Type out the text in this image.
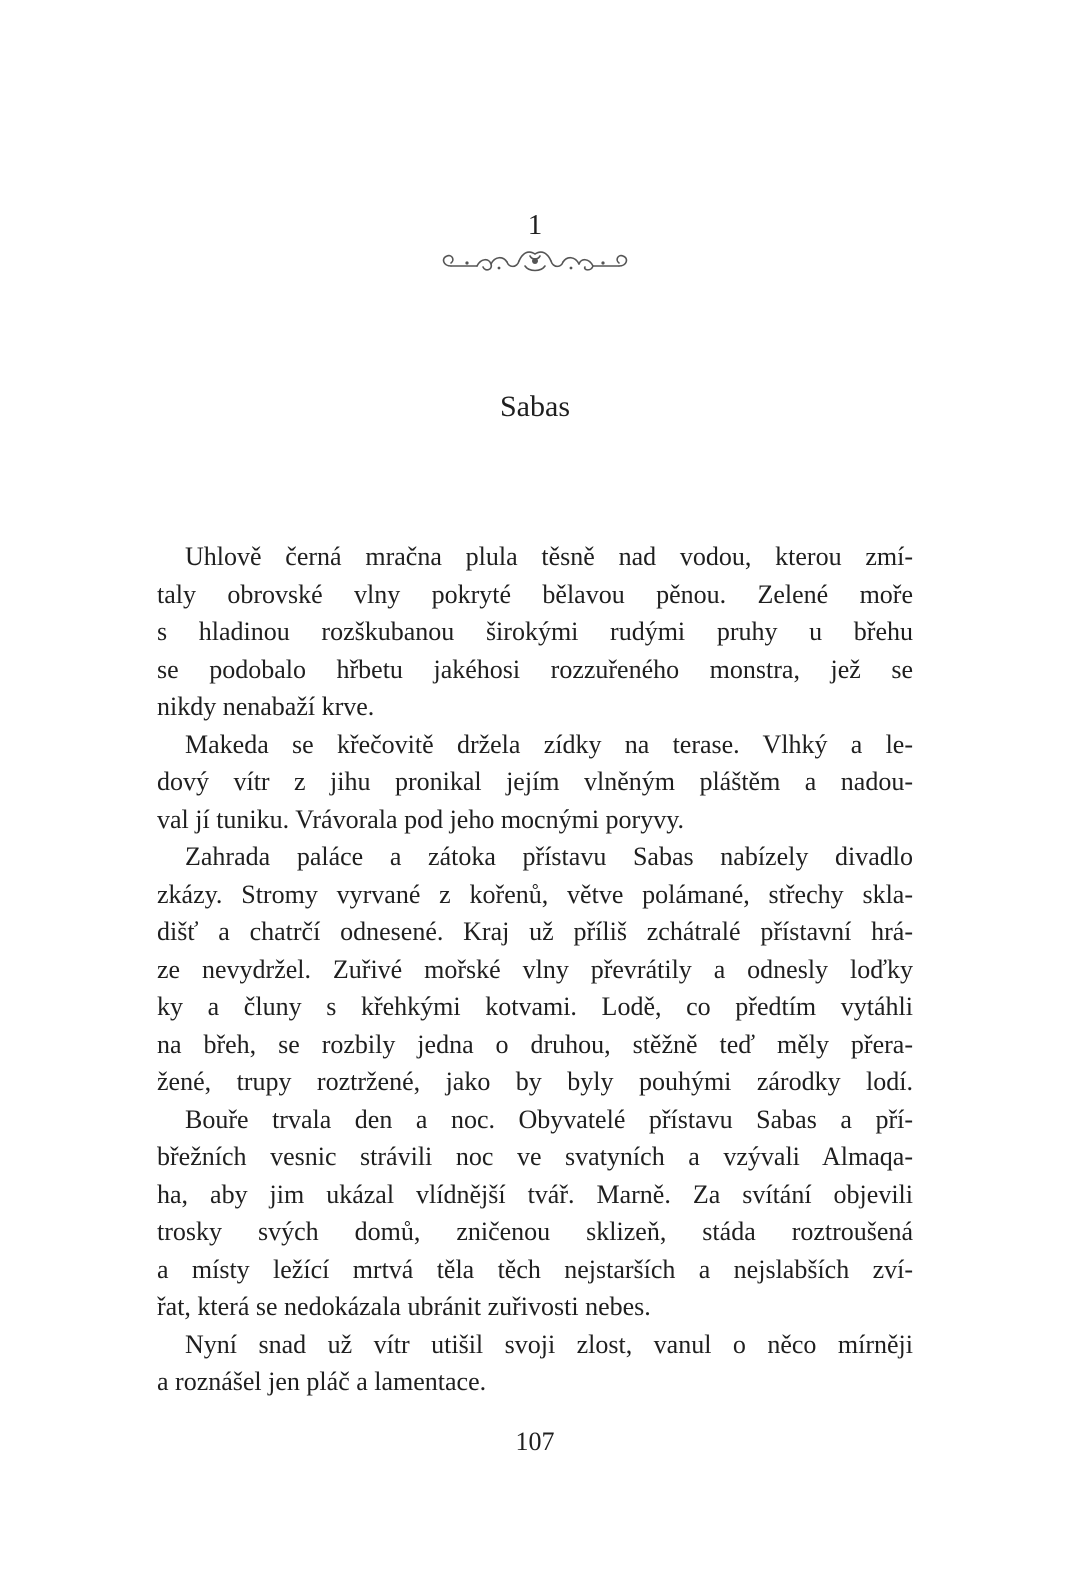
1
Sabas
Uhlově černá mračna plula těsně nad vodou, kterou zmí-
taly obrovské vlny pokryté bělavou pěnou. Zelené moře
s hladinou rozškubanou širokými rudými pruhy u břehu
se podobalo hřbetu jakéhosi rozzuřeného monstra, jež se
nikdy nenabaží krve.
Makeda se křečovitě držela zídky na terase. Vlhký a le-
dový vítr z jihu pronikal jejím vlněným pláštěm a nadou-
val jí tuniku. Vrávorala pod jeho mocnými poryvy.
Zahrada paláce a zátoka přístavu Sabas nabízely divadlo
zkázy. Stromy vyrvané z kořenů, větve polámané, střechy skla-
dišť a chatrčí odnesené. Kraj už příliš zchátralé přístavní hrá-
ze nevydržel. Zuřivé mořské vlny převrátily a odnesly loďky
ky a čluny s křehkými kotvami. Lodě, co předtím vytáhli
na břeh, se rozbily jedna o druhou, stěžně teď měly přera-
žené, trupy roztržené, jako by byly pouhými zárodky lodí.
Bouře trvala den a noc. Obyvatelé přístavu Sabas a pří-
břežních vesnic strávili noc ve svatyních a vzývali Almaqa-
ha, aby jim ukázal vlídnější tvář. Marně. Za svítání objevili
trosky svých domů, zničenou sklizeň, stáda roztroušená
a místy ležící mrtvá těla těch nejstarších a nejslabších zví-
řat, která se nedokázala ubránit zuřivosti nebes.
Nyní snad už vítr utišil svoji zlost, vanul o něco mírněji
a roznášel jen pláč a lamentace.
107
